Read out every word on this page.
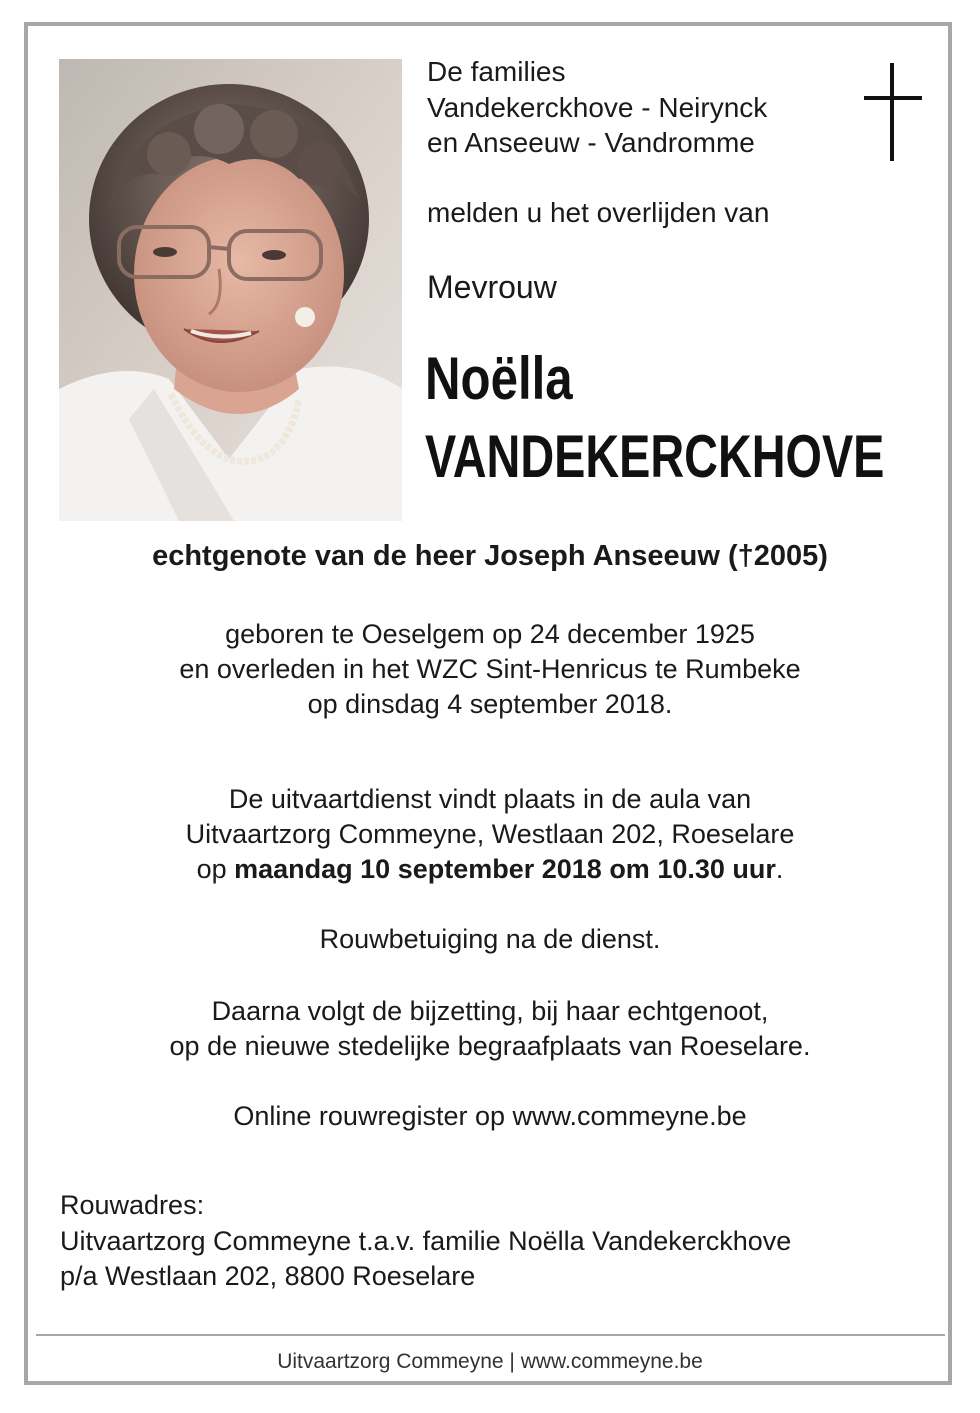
De families
Vandekerckhove - Neirynck
en Anseeuw - Vandromme
melden u het overlijden van
Mevrouw
Noëlla
VANDEKERCKHOVE
echtgenote van de heer Joseph Anseeuw (†2005)
geboren te Oeselgem op 24 december 1925
en overleden in het WZC Sint-Henricus te Rumbeke
op dinsdag 4 september 2018.
De uitvaartdienst vindt plaats in de aula van
Uitvaartzorg Commeyne, Westlaan 202, Roeselare
op maandag 10 september 2018 om 10.30 uur.
Rouwbetuiging na de dienst.
Daarna volgt de bijzetting, bij haar echtgenoot,
op de nieuwe stedelijke begraafplaats van Roeselare.
Online rouwregister op www.commeyne.be
Rouwadres:
Uitvaartzorg Commeyne t.a.v. familie Noëlla Vandekerckhove
p/a Westlaan 202, 8800 Roeselare
Uitvaartzorg Commeyne | www.commeyne.be
